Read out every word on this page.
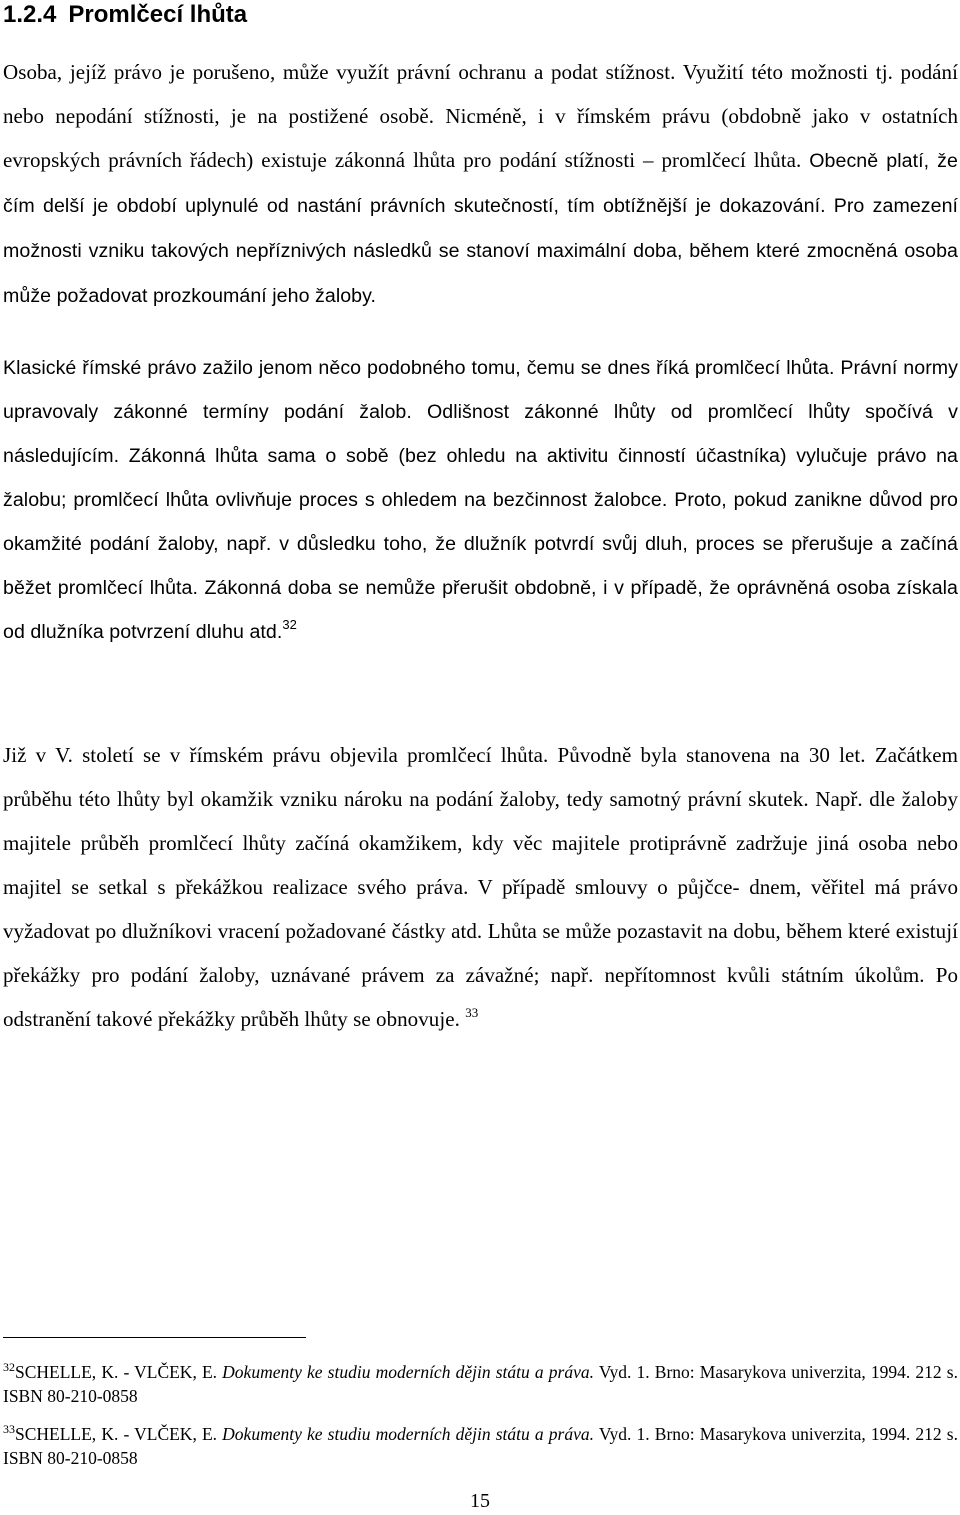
1.2.4 Promlčecí lhůta

Osoba, jejíž právo je porušeno, může využít právní ochranu a podat stížnost. Využití této možnosti tj. podání nebo nepodání stížnosti, je na postižené osobě. Nicméně, i v římském právu (obdobně jako v ostatních evropských právních řádech) existuje zákonná lhůta pro podání stížnosti – promlčecí lhůta. Obecně platí, že čím delší je období uplynulé od nastání právních skutečností, tím obtížnější je dokazování. Pro zamezení možnosti vzniku takových nepříznivých následků se stanoví maximální doba, během které zmocněná osoba může požadovat prozkoumání jeho žaloby.

Klasické římské právo zažilo jenom něco podobného tomu, čemu se dnes říká promlčecí lhůta. Právní normy upravovaly zákonné termíny podání žalob. Odlišnost zákonné lhůty od promlčecí lhůty spočívá v následujícím. Zákonná lhůta sama o sobě (bez ohledu na aktivitu činností účastníka) vylučuje právo na žalobu; promlčecí lhůta ovlivňuje proces s ohledem na bezčinnost žalobce. Proto, pokud zanikne důvod pro okamžité podání žaloby, např. v důsledku toho, že dlužník potvrdí svůj dluh, proces se přerušuje a začíná běžet promlčecí lhůta. Zákonná doba se nemůže přerušit obdobně, i v případě, že oprávněná osoba získala od dlužníka potvrzení dluhu atd.$^{32}$

Již v V. století se v římském právu objevila promlčecí lhůta. Původně byla stanovena na 30 let. Začátkem průběhu této lhůty byl okamžik vzniku nároku na podání žaloby, tedy samotný právní skutek. Např. dle žaloby majitele průběh promlčecí lhůty začíná okamžikem, kdy věc majitele protiprávně zadržuje jiná osoba nebo majitel se setkal s překážkou realizace svého práva. V případě smlouvy o půjčce- dnem, věřitel má právo vyžadovat po dlužníkovi vracení požadované částky atd. Lhůta se může pozastavit na dobu, během které existují překážky pro podání žaloby, uznávané právem za závažné; např. nepřítomnost kvůli státním úkolům. Po odstranění takové překážky průběh lhůty se obnovuje. $^{33}$

$^{32}$SCHELLE, K. - VLČEK, E. Dokumenty ke studiu moderních dějin státu a práva. Vyd. 1. Brno: Masarykova univerzita, 1994. 212 s. ISBN 80-210-0858

$^{33}$SCHELLE, K. - VLČEK, E. Dokumenty ke studiu moderních dějin státu a práva. Vyd. 1. Brno: Masarykova univerzita, 1994. 212 s. ISBN 80-210-0858

15
